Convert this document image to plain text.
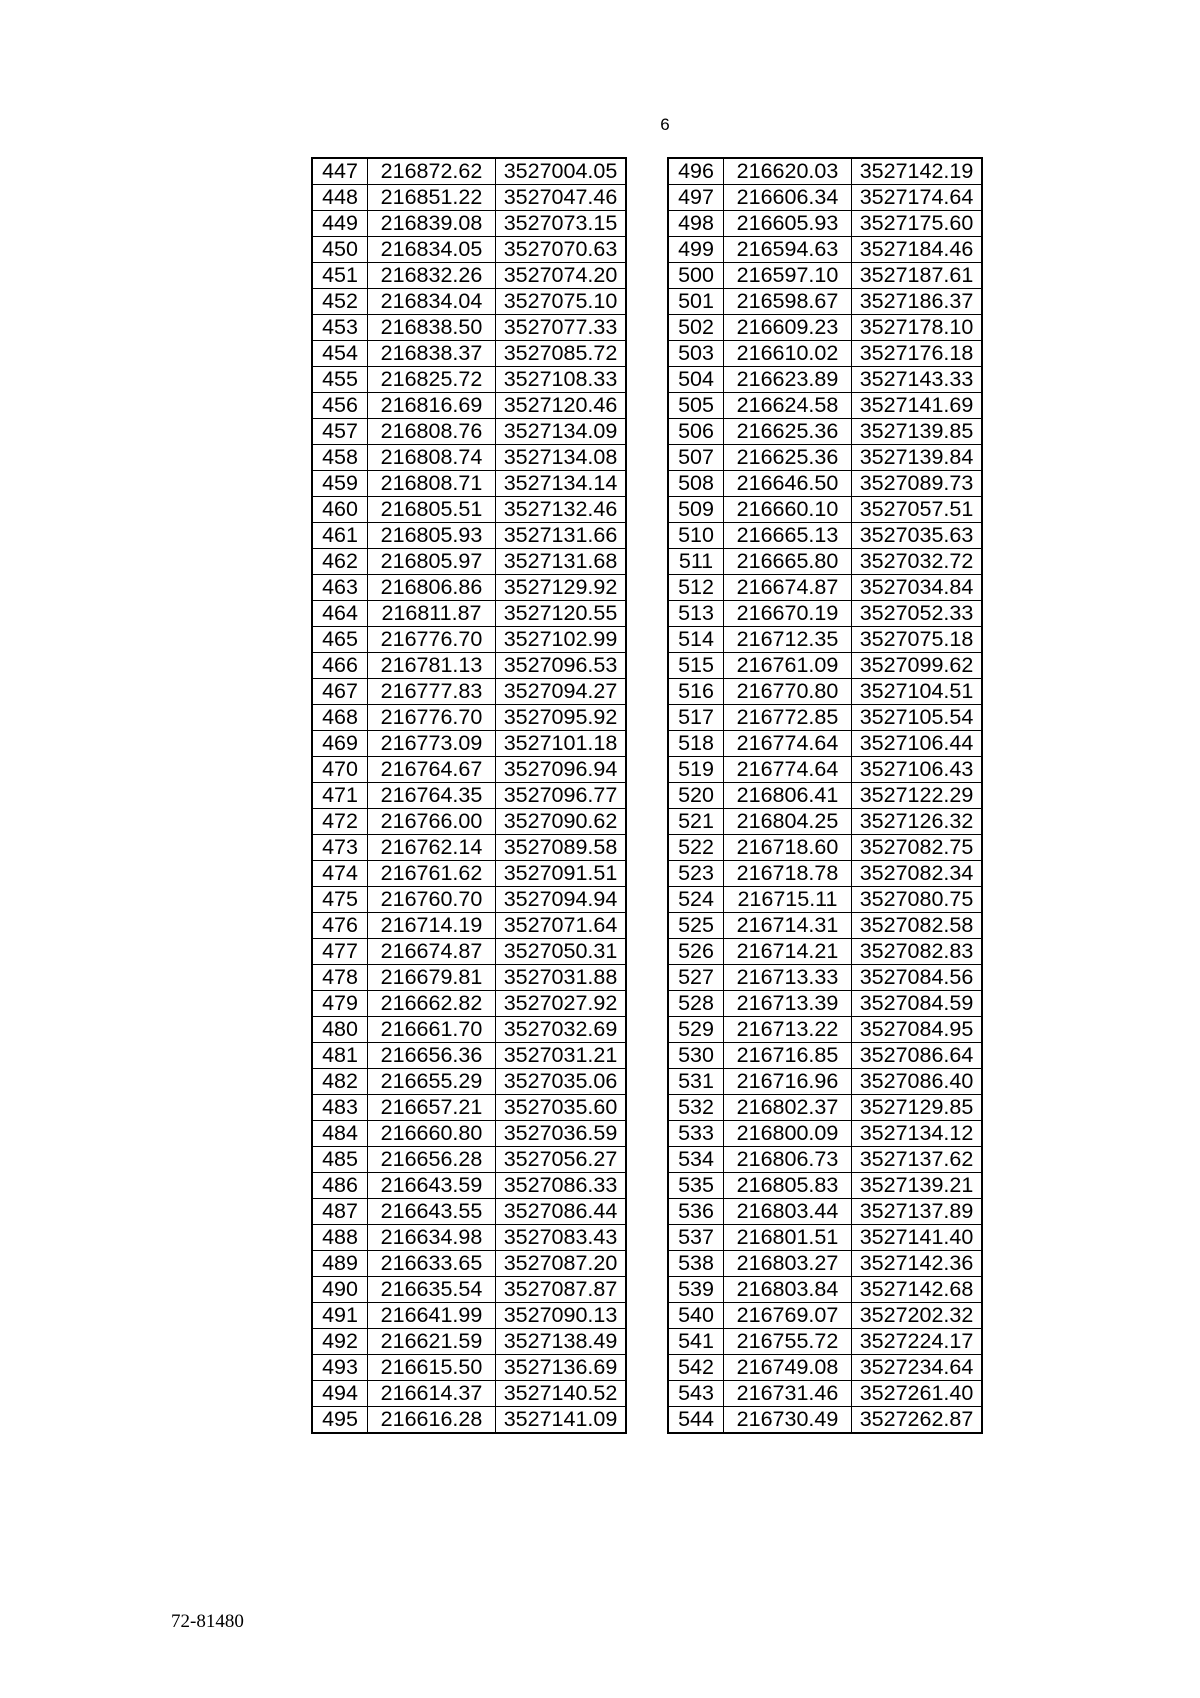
6
447	216872.62	3527004.05
448	216851.22	3527047.46
449	216839.08	3527073.15
450	216834.05	3527070.63
451	216832.26	3527074.20
452	216834.04	3527075.10
453	216838.50	3527077.33
454	216838.37	3527085.72
455	216825.72	3527108.33
456	216816.69	3527120.46
457	216808.76	3527134.09
458	216808.74	3527134.08
459	216808.71	3527134.14
460	216805.51	3527132.46
461	216805.93	3527131.66
462	216805.97	3527131.68
463	216806.86	3527129.92
464	216811.87	3527120.55
465	216776.70	3527102.99
466	216781.13	3527096.53
467	216777.83	3527094.27
468	216776.70	3527095.92
469	216773.09	3527101.18
470	216764.67	3527096.94
471	216764.35	3527096.77
472	216766.00	3527090.62
473	216762.14	3527089.58
474	216761.62	3527091.51
475	216760.70	3527094.94
476	216714.19	3527071.64
477	216674.87	3527050.31
478	216679.81	3527031.88
479	216662.82	3527027.92
480	216661.70	3527032.69
481	216656.36	3527031.21
482	216655.29	3527035.06
483	216657.21	3527035.60
484	216660.80	3527036.59
485	216656.28	3527056.27
486	216643.59	3527086.33
487	216643.55	3527086.44
488	216634.98	3527083.43
489	216633.65	3527087.20
490	216635.54	3527087.87
491	216641.99	3527090.13
492	216621.59	3527138.49
493	216615.50	3527136.69
494	216614.37	3527140.52
495	216616.28	3527141.09
496	216620.03	3527142.19
497	216606.34	3527174.64
498	216605.93	3527175.60
499	216594.63	3527184.46
500	216597.10	3527187.61
501	216598.67	3527186.37
502	216609.23	3527178.10
503	216610.02	3527176.18
504	216623.89	3527143.33
505	216624.58	3527141.69
506	216625.36	3527139.85
507	216625.36	3527139.84
508	216646.50	3527089.73
509	216660.10	3527057.51
510	216665.13	3527035.63
511	216665.80	3527032.72
512	216674.87	3527034.84
513	216670.19	3527052.33
514	216712.35	3527075.18
515	216761.09	3527099.62
516	216770.80	3527104.51
517	216772.85	3527105.54
518	216774.64	3527106.44
519	216774.64	3527106.43
520	216806.41	3527122.29
521	216804.25	3527126.32
522	216718.60	3527082.75
523	216718.78	3527082.34
524	216715.11	3527080.75
525	216714.31	3527082.58
526	216714.21	3527082.83
527	216713.33	3527084.56
528	216713.39	3527084.59
529	216713.22	3527084.95
530	216716.85	3527086.64
531	216716.96	3527086.40
532	216802.37	3527129.85
533	216800.09	3527134.12
534	216806.73	3527137.62
535	216805.83	3527139.21
536	216803.44	3527137.89
537	216801.51	3527141.40
538	216803.27	3527142.36
539	216803.84	3527142.68
540	216769.07	3527202.32
541	216755.72	3527224.17
542	216749.08	3527234.64
543	216731.46	3527261.40
544	216730.49	3527262.87
72-81480
